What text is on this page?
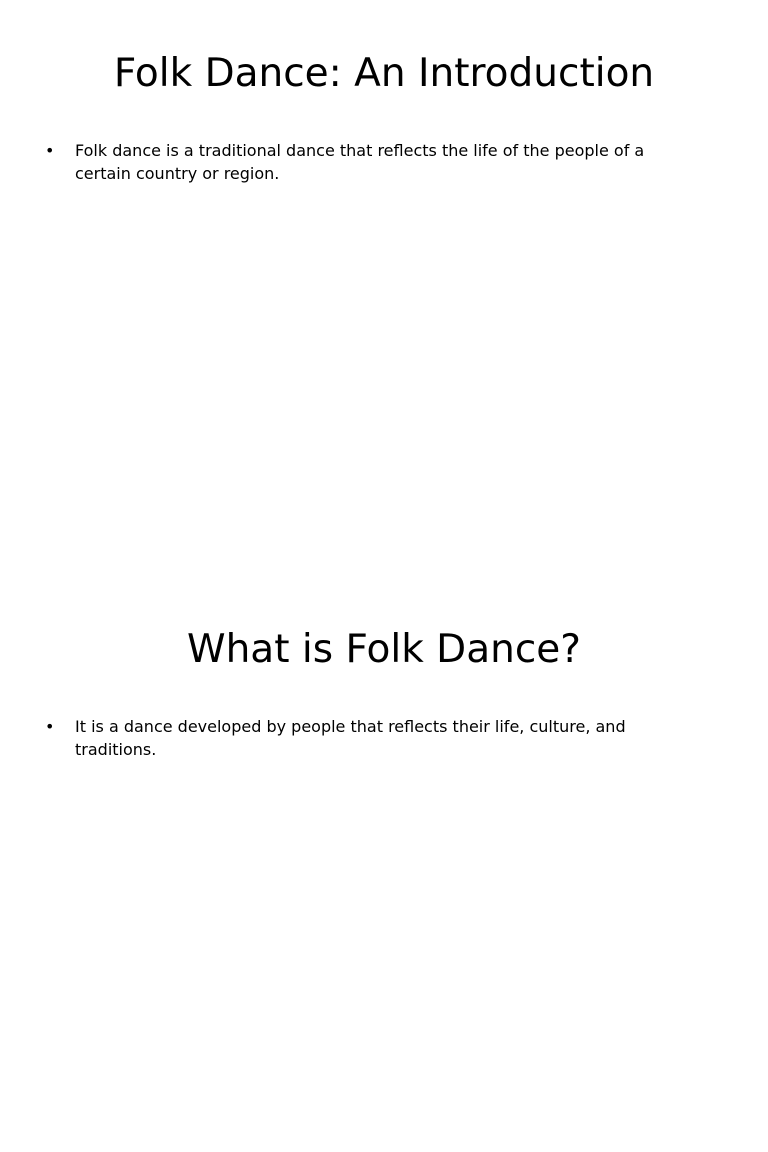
Folk Dance: An Introduction
• Folk dance is a traditional dance that reflects the life of the people of a certain country or region.
What is Folk Dance?
• It is a dance developed by people that reflects their life, culture, and traditions.
